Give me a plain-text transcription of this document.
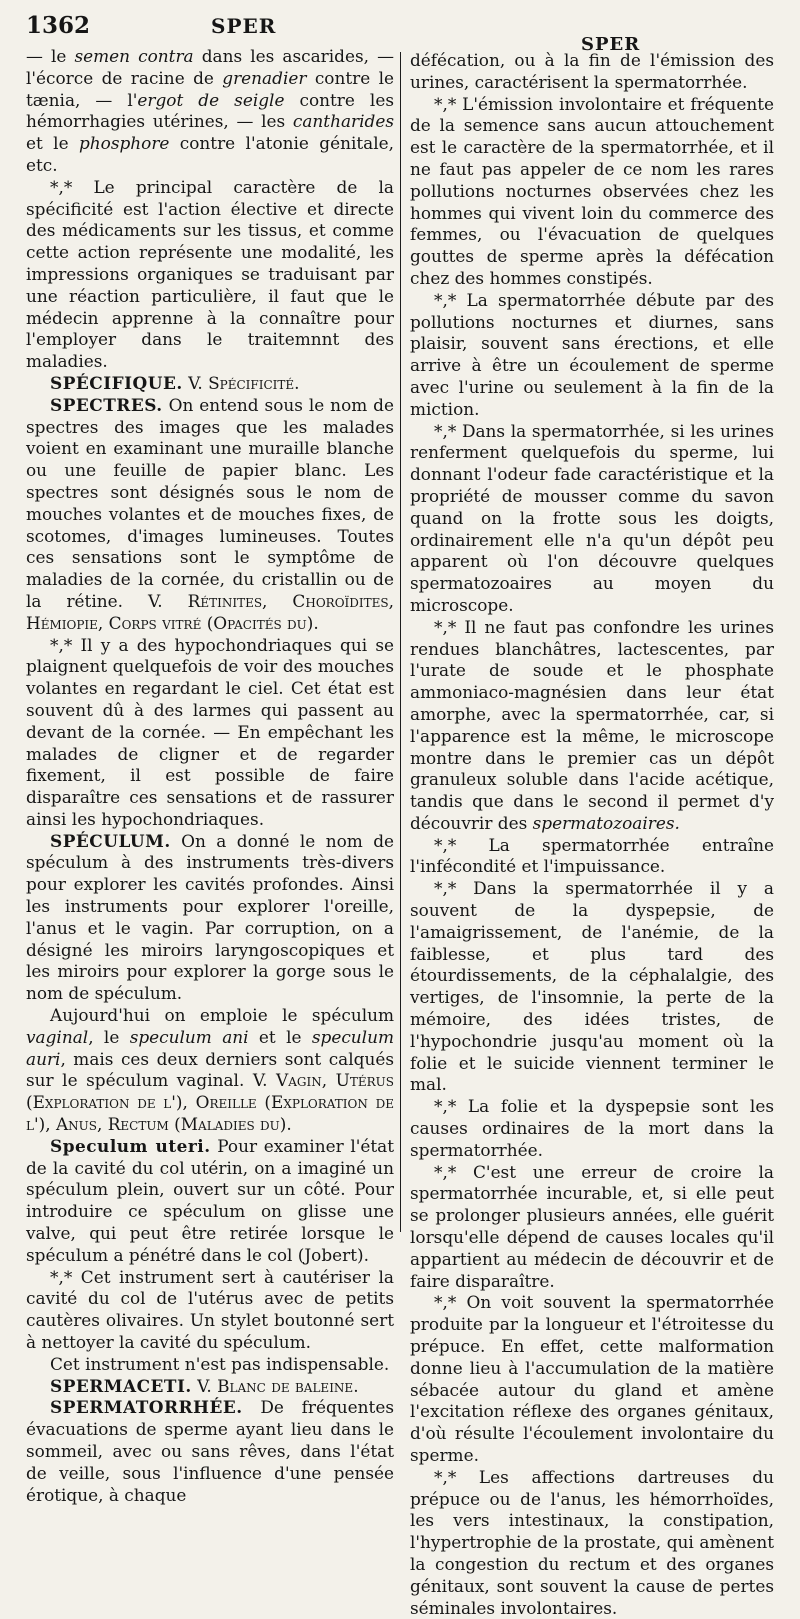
1362	SPER
SPER

— le semen contra dans les ascarides, — l'écorce de racine de grenadier contre le tænia, — l'ergot de seigle contre les hémorrhagies utérines, — les cantharides et le phosphore contre l'atonie génitale, etc.

*,* Le principal caractère de la spécificité est l'action élective et directe des médicaments sur les tissus, et comme cette action représente une modalité, les impressions organiques se traduisant par une réaction particulière, il faut que le médecin apprenne à la connaître pour l'employer dans le traitemnnt des maladies.

SPÉCIFIQUE. V. Spécificité.

SPECTRES. On entend sous le nom de spectres des images que les malades voient en examinant une muraille blanche ou une feuille de papier blanc. Les spectres sont désignés sous le nom de mouches volantes et de mouches fixes, de scotomes, d'images lumineuses. Toutes ces sensations sont le symptôme de maladies de la cornée, du cristallin ou de la rétine. V. Rétinites, Choroïdites, Hémiopie, Corps vitré (Opacités du).

*,* Il y a des hypochondriaques qui se plaignent quelquefois de voir des mouches volantes en regardant le ciel. Cet état est souvent dû à des larmes qui passent au devant de la cornée. — En empêchant les malades de cligner et de regarder fixement, il est possible de faire disparaître ces sensations et de rassurer ainsi les hypochondriaques.

SPÉCULUM. On a donné le nom de spéculum à des instruments très-divers pour explorer les cavités profondes. Ainsi les instruments pour explorer l'oreille, l'anus et le vagin. Par corruption, on a désigné les miroirs laryngoscopiques et les miroirs pour explorer la gorge sous le nom de spéculum.

Aujourd'hui on emploie le spéculum vaginal, le speculum ani et le speculum auri, mais ces deux derniers sont calqués sur le spéculum vaginal. V. Vagin, Utérus (Exploration de l'), Oreille (Exploration de l'), Anus, Rectum (Maladies du).

Speculum uteri. Pour examiner l'état de la cavité du col utérin, on a imaginé un spéculum plein, ouvert sur un côté. Pour introduire ce spéculum on glisse une valve, qui peut être retirée lorsque le spéculum a pénétré dans le col (Jobert).

*,* Cet instrument sert à cautériser la cavité du col de l'utérus avec de petits cautères olivaires. Un stylet boutonné sert à nettoyer la cavité du spéculum.

Cet instrument n'est pas indispensable.

SPERMACETI. V. Blanc de baleine.

SPERMATORRHÉE. De fréquentes évacuations de sperme ayant lieu dans le sommeil, avec ou sans rêves, dans l'état de veille, sous l'influence d'une pensée érotique, à chaque

défécation, ou à la fin de l'émission des urines, caractérisent la spermatorrhée.

*,* L'émission involontaire et fréquente de la semence sans aucun attouchement est le caractère de la spermatorrhée, et il ne faut pas appeler de ce nom les rares pollutions nocturnes observées chez les hommes qui vivent loin du commerce des femmes, ou l'évacuation de quelques gouttes de sperme après la défécation chez des hommes constipés.

*,* La spermatorrhée débute par des pollutions nocturnes et diurnes, sans plaisir, souvent sans érections, et elle arrive à être un écoulement de sperme avec l'urine ou seulement à la fin de la miction.

*,* Dans la spermatorrhée, si les urines renferment quelquefois du sperme, lui donnant l'odeur fade caractéristique et la propriété de mousser comme du savon quand on la frotte sous les doigts, ordinairement elle n'a qu'un dépôt peu apparent où l'on découvre quelques spermatozoaires au moyen du microscope.

*,* Il ne faut pas confondre les urines rendues blanchâtres, lactescentes, par l'urate de soude et le phosphate ammoniaco-magnésien dans leur état amorphe, avec la spermatorrhée, car, si l'apparence est la même, le microscope montre dans le premier cas un dépôt granuleux soluble dans l'acide acétique, tandis que dans le second il permet d'y découvrir des spermatozoaires.

*,* La spermatorrhée entraîne l'infécondité et l'impuissance.

*,* Dans la spermatorrhée il y a souvent de la dyspepsie, de l'amaigrissement, de l'anémie, de la faiblesse, et plus tard des étourdissements, de la céphalalgie, des vertiges, de l'insomnie, la perte de la mémoire, des idées tristes, de l'hypochondrie jusqu'au moment où la folie et le suicide viennent terminer le mal.

*,* La folie et la dyspepsie sont les causes ordinaires de la mort dans la spermatorrhée.

*,* C'est une erreur de croire la spermatorrhée incurable, et, si elle peut se prolonger plusieurs années, elle guérit lorsqu'elle dépend de causes locales qu'il appartient au médecin de découvrir et de faire disparaître.

*,* On voit souvent la spermatorrhée produite par la longueur et l'étroitesse du prépuce. En effet, cette malformation donne lieu à l'accumulation de la matière sébacée autour du gland et amène l'excitation réflexe des organes génitaux, d'où résulte l'écoulement involontaire du sperme.

*,* Les affections dartreuses du prépuce ou de l'anus, les hémorrhoïdes, les vers intestinaux, la constipation, l'hypertrophie de la prostate, qui amènent la congestion du rectum et des organes génitaux, sont souvent la cause de pertes séminales involontaires.
